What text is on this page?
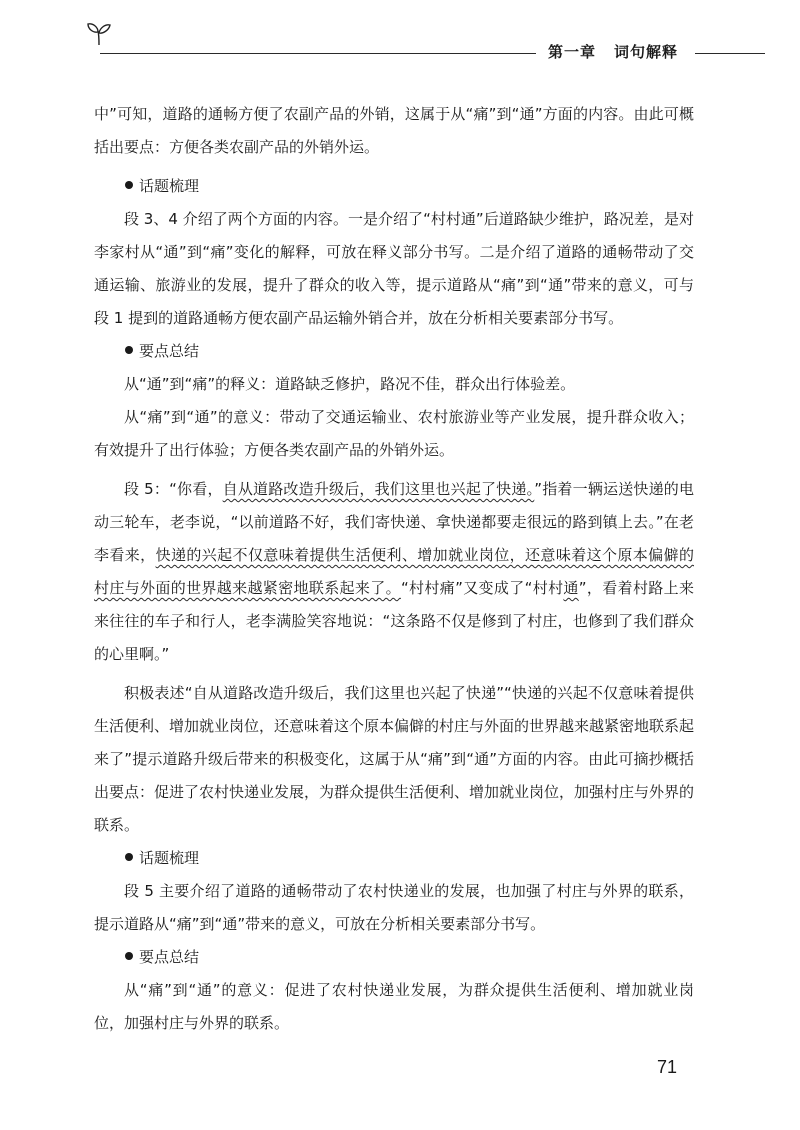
第一章 词句解释

中”可知，道路的通畅方便了农副产品的外销，这属于从“痛”到“通”方面的内容。由此可概括出要点：方便各类农副产品的外销外运。

话题梳理

段 3、4 介绍了两个方面的内容。一是介绍了“村村通”后道路缺少维护，路况差，是对李家村从“通”到“痛”变化的解释，可放在释义部分书写。二是介绍了道路的通畅带动了交通运输、旅游业的发展，提升了群众的收入等，提示道路从“痛”到“通”带来的意义，可与段 1 提到的道路通畅方便农副产品运输外销合并，放在分析相关要素部分书写。

要点总结

从“通”到“痛”的释义：道路缺乏修护，路况不佳，群众出行体验差。

从“痛”到“通”的意义：带动了交通运输业、农村旅游业等产业发展，提升群众收入；有效提升了出行体验；方便各类农副产品的外销外运。

段 5：“你看，自从道路改造升级后，我们这里也兴起了快递。”指着一辆运送快递的电动三轮车，老李说，“以前道路不好，我们寄快递、拿快递都要走很远的路到镇上去。”在老李看来，快递的兴起不仅意味着提供生活便利、增加就业岗位，还意味着这个原本偏僻的村庄与外面的世界越来越紧密地联系起来了。“村村痛”又变成了“村村通”，看着村路上来来往往的车子和行人，老李满脸笑容地说：“这条路不仅是修到了村庄，也修到了我们群众的心里啊。”

积极表述“自从道路改造升级后，我们这里也兴起了快递”“快递的兴起不仅意味着提供生活便利、增加就业岗位，还意味着这个原本偏僻的村庄与外面的世界越来越紧密地联系起来了”提示道路升级后带来的积极变化，这属于从“痛”到“通”方面的内容。由此可摘抄概括出要点：促进了农村快递业发展，为群众提供生活便利、增加就业岗位，加强村庄与外界的联系。

话题梳理

段 5 主要介绍了道路的通畅带动了农村快递业的发展，也加强了村庄与外界的联系，提示道路从“痛”到“通”带来的意义，可放在分析相关要素部分书写。

要点总结

从“痛”到“通”的意义：促进了农村快递业发展，为群众提供生活便利、增加就业岗位，加强村庄与外界的联系。

71
